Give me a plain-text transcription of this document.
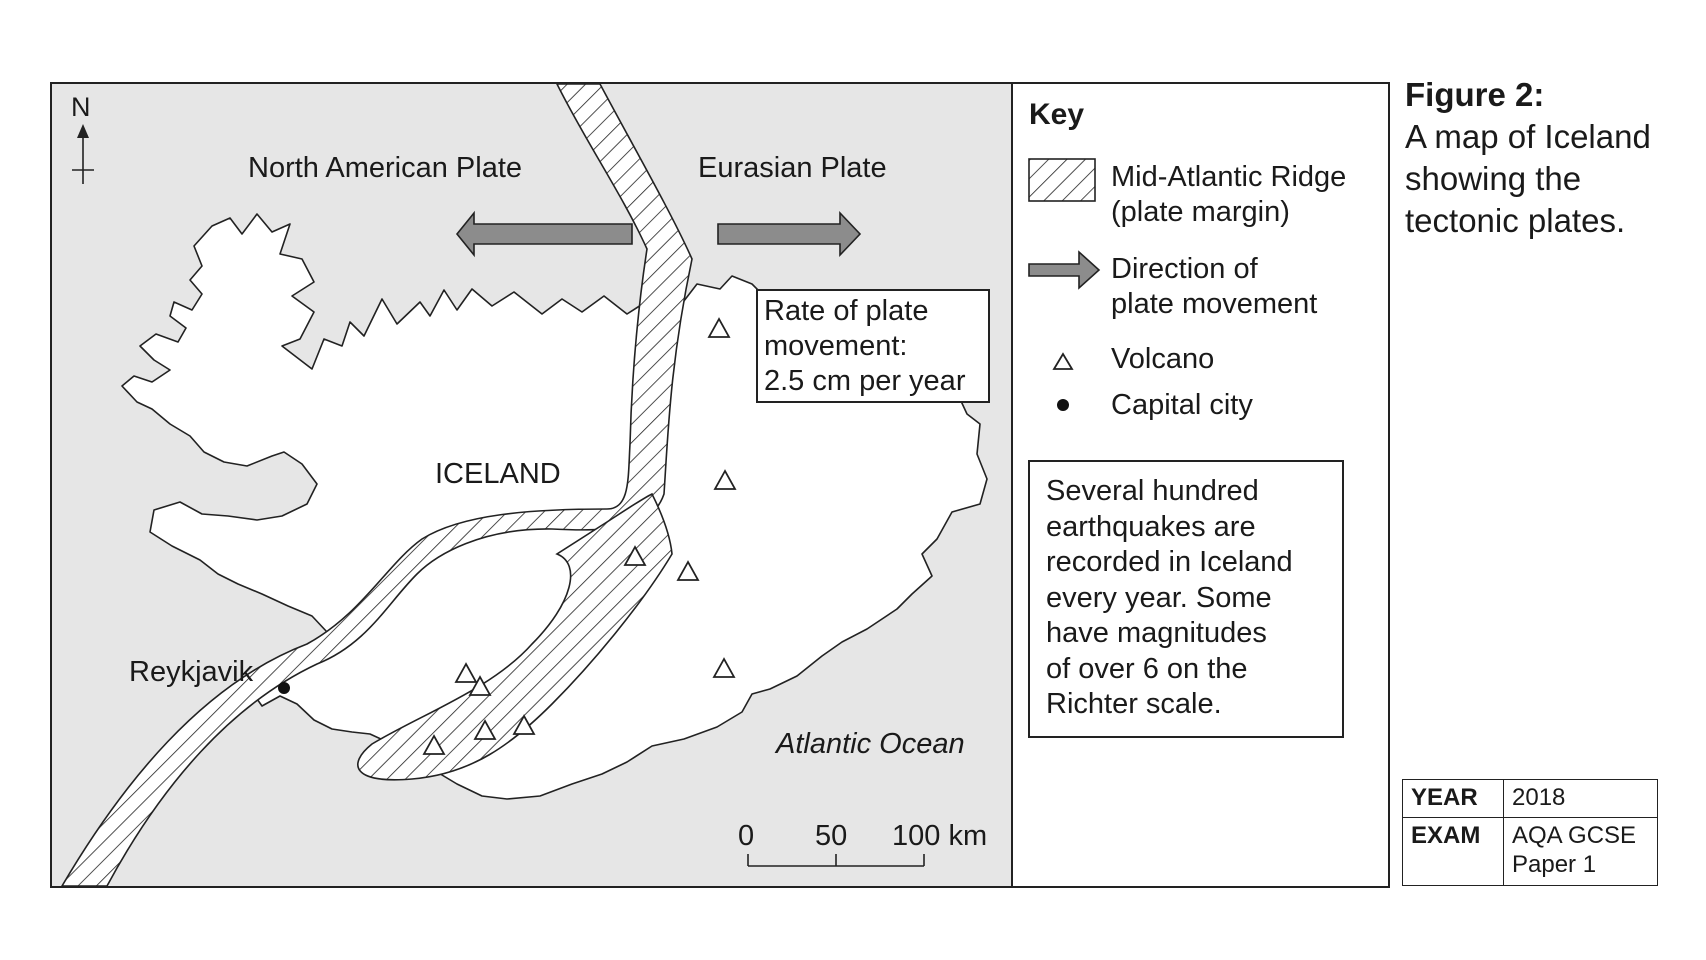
N
North American Plate	Eurasian Plate
ICELAND
Reykjavik
Atlantic Ocean
Rate of plate
movement:
2.5 cm per year
0 50 100 km
Key
Mid-Atlantic Ridge
(plate margin)
Direction of
plate movement
Volcano
Capital city
Several hundred
earthquakes are
recorded in Iceland
every year. Some
have magnitudes
of over 6 on the
Richter scale.
Figure 2:
A map of Iceland
showing the
tectonic plates.
YEAR	2018
EXAM	AQA GCSE
Paper 1
